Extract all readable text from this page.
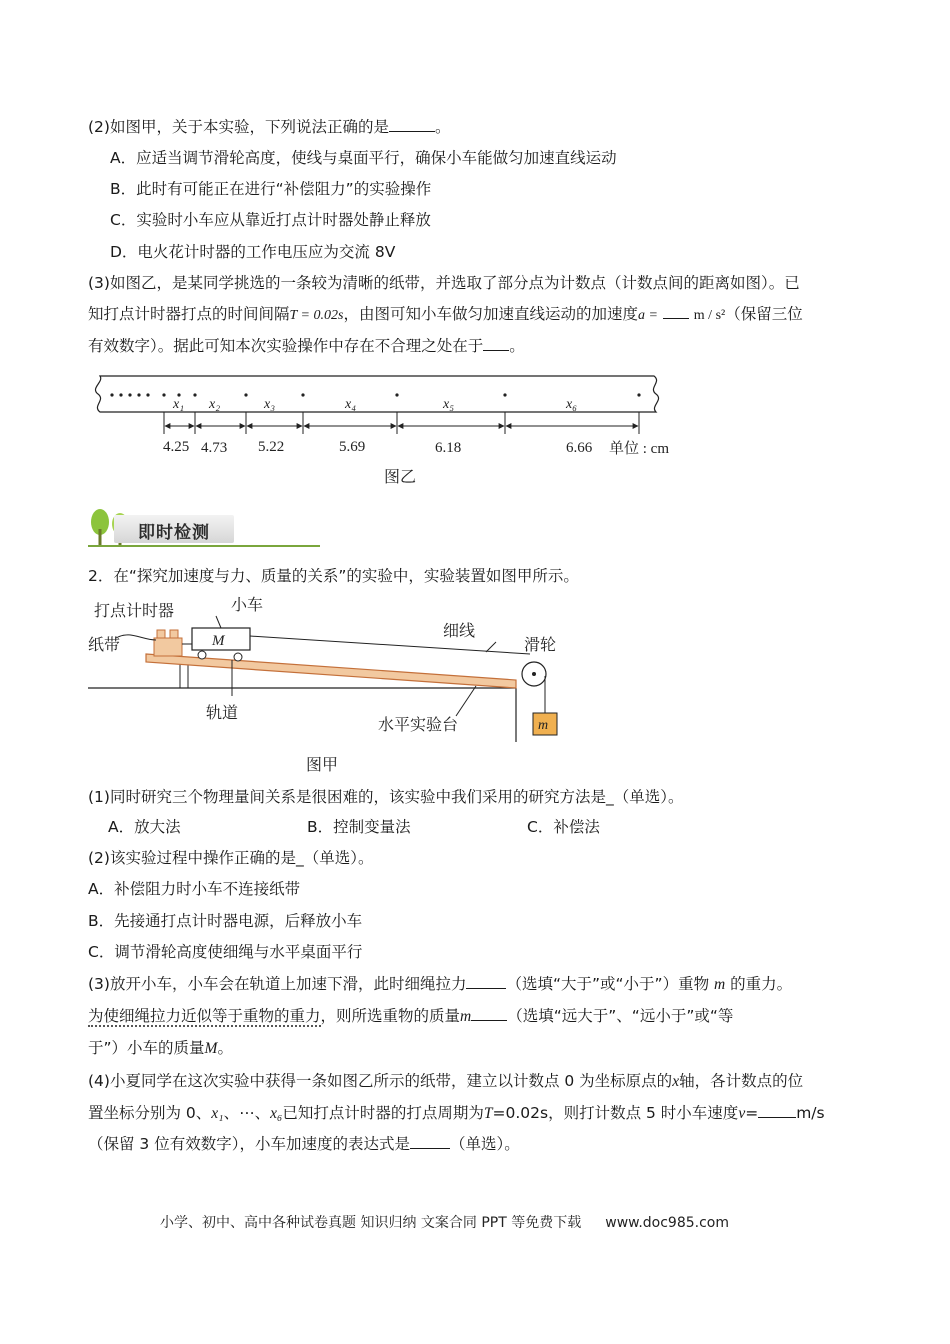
(2)如图甲，关于本实验，下列说法正确的是	。
A．应适当调节滑轮高度，使线与桌面平行，确保小车能做匀加速直线运动
B．此时有可能正在进行“补偿阻力”的实验操作
C．实验时小车应从靠近打点计时器处静止释放
D．电火花计时器的工作电压应为交流 8V
(3)如图乙，是某同学挑选的一条较为清晰的纸带，并选取了部分点为计数点（计数点间的距离如图）。已
知打点计时器打点的时间间隔T = 0.02s，由图可知小车做匀加速直线运动的加速度a =	m / s²（保留三位
有效数字）。据此可知本次实验操作中存在不合理之处在于 。
x₁ x₂	x₃	x₄	x₅	x₆
4.25 4.73 5.22	5.69	6.18	6.66 单位 : cm
图乙
即时检测
2．在“探究加速度与力、质量的关系”的实验中，实验装置如图甲所示。
M
m
打点计时器	小车
纸带
细线
滑轮
轨道
水平实验台
图甲
(1)同时研究三个物理量间关系是很困难的，该实验中我们采用的研究方法是_（单选）。
A．放大法	B．控制变量法	C．补偿法
(2)该实验过程中操作正确的是_（单选）。
A．补偿阻力时小车不连接纸带
B．先接通打点计时器电源，后释放小车
C．调节滑轮高度使细绳与水平桌面平行
(3)放开小车，小车会在轨道上加速下滑，此时细绳拉力	（选填“大于”或“小于”）重物 m 的重力。
为使细绳拉力近似等于重物的重力，则所选重物的质量m （选填“远大于”、“远小于”或“等
于”）小车的质量M。
(4)小夏同学在这次实验中获得一条如图乙所示的纸带，建立以计数点 0 为坐标原点的x轴，各计数点的位
置坐标分别为 0、x₁、⋯、x₆已知打点计时器的打点周期为T=0.02s，则打计数点 5 时小车速度v= m/s
（保留 3 位有效数字），小车加速度的表达式是	（单选）。
小学、初中、高中各种试卷真题 知识归纳 文案合同 PPT 等免费下载 www.doc985.com
